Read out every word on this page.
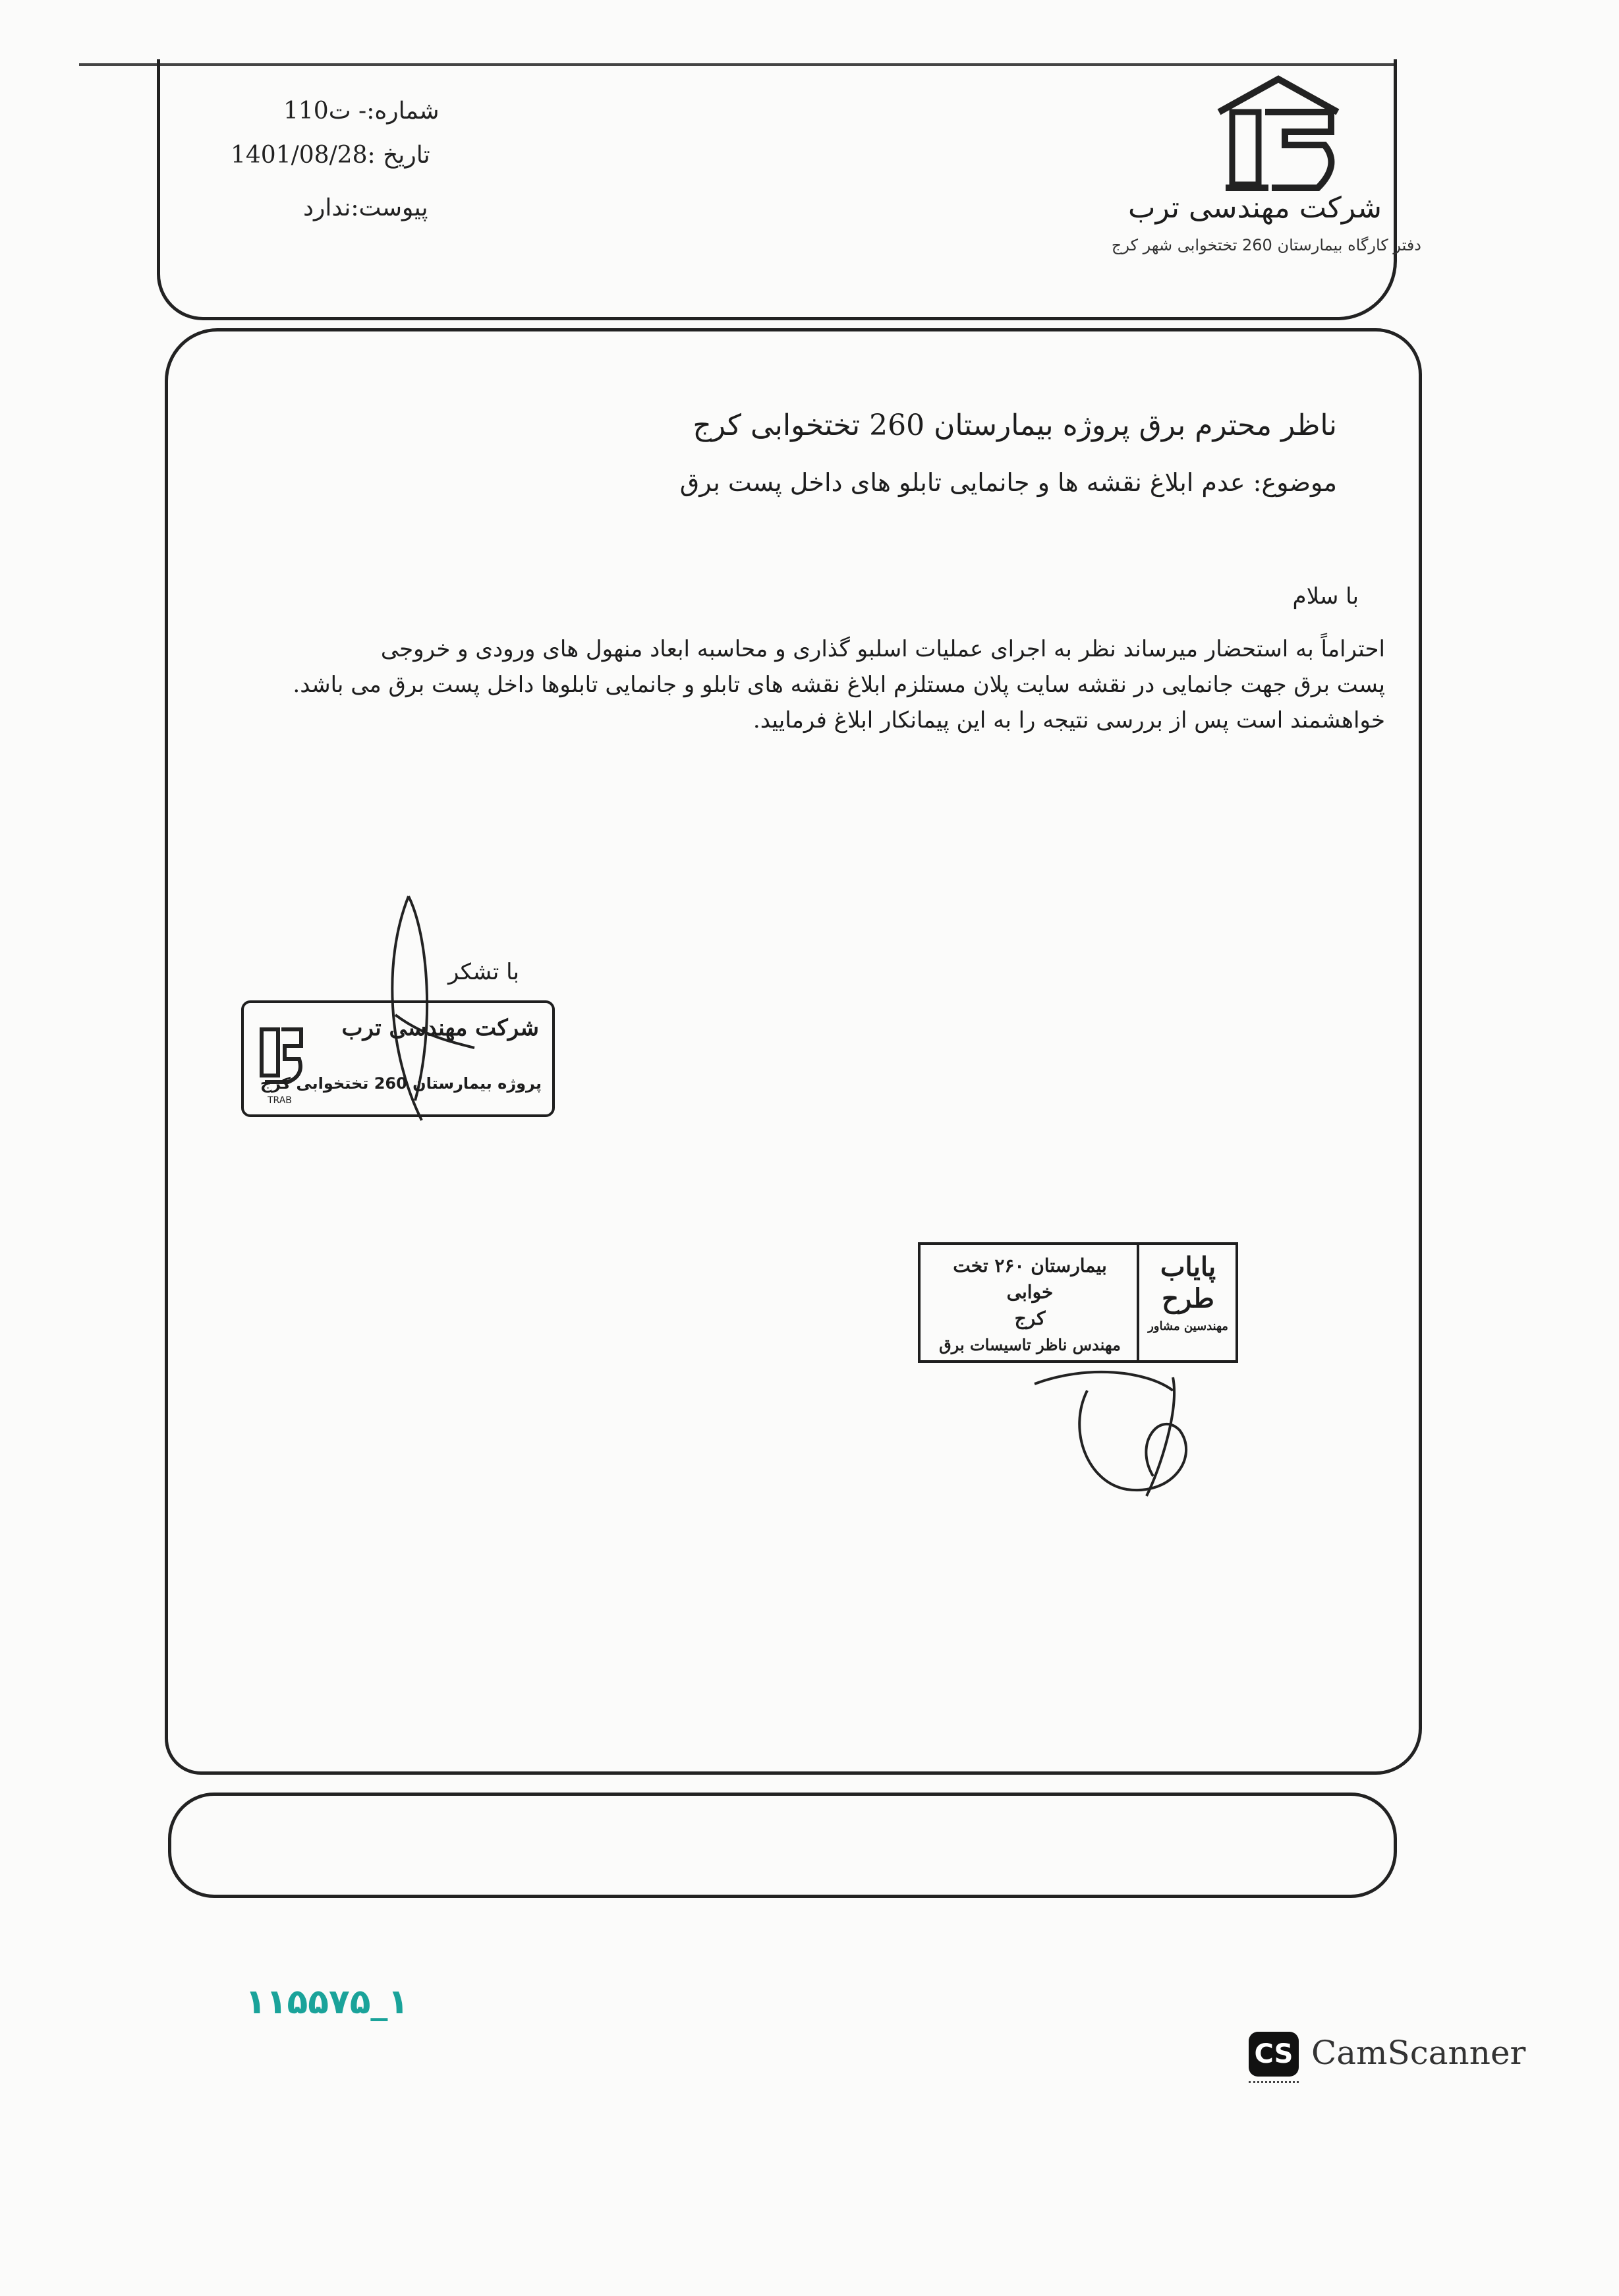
شماره:- ت110
تاریخ :1401/08/28
پیوست:ندارد	شرکت مهندسی ترب
دفتر کارگاه بیمارستان 260 تختخوابی شهر کرج
ناظر محترم برق پروژه بیمارستان 260 تختخوابی کرج
موضوع: عدم ابلاغ نقشه ها و جانمایی تابلو های داخل پست برق
با سلام
احتراماً به استحضار میرساند نظر به اجرای عملیات اسلبو گذاری و محاسبه ابعاد منهول های ورودی و خروجی
پست برق جهت جانمایی در نقشه سایت پلان مستلزم ابلاغ نقشه های تابلو و جانمایی تابلوها داخل پست برق می باشد.
خواهشمند است پس از بررسی نتیجه را به این پیمانکار ابلاغ فرمایید.
با تشکر
شرکت مهندسی ترب
پروژه بیمارستان 260 تختخوابی کرج
TRAB
بیمارستان ۲۶۰ تخت خوابی
کرج
مهندس ناظر تاسیسات برق
پایاب
طرح
مهندسین مشاور
۱۱۵۵۷۵_۱
CS CamScanner
